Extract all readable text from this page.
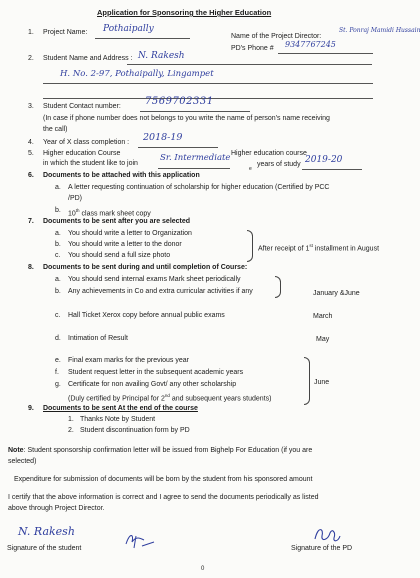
Application for Sponsoring the Higher Education
1. Project Name: Pothaipally
Name of the Project Director:
St. Ponraj Mamidi Hussain
PD's Phone # 9347767245
2. Student Name and Address : N. Rakesh
H. No. 2-97, Pothaipally, Lingampet
3. Student Contact number: 7569702331
(In case if phone number does not belongs to you write the name of person's name receiving
the call)
4. Year of X class completion : 2018-19
5. Higher education Course
in which the student like to join
Sr. Intermediate Higher education course
years of study 2019-20
6. Documents to be attached with this application
e
a. A letter requesting continuation of scholarship for higher education (Certified by PCC
/PD)
b. 10th class mark sheet copy
7. Documents to be sent after you are selected
a. You should write a letter to Organization
b. You should write a letter to the donor
c. You should send a full size photo
After receipt of 1st installment in August
8. Documents to be sent during and until completion of Course:
a. You should send internal exams Mark sheet periodically
b. Any achievements in Co and extra curricular activities if any	January &June
c. Hall Ticket Xerox copy before annual public exams	March
d. Intimation of Result	May
e. Final exam marks for the previous year
f. Student request letter in the subsequent academic years
g. Certificate for non availing Govt/ any other scholarship
(Duly certified by Principal for 2nd and subsequent years students)
June
9. Documents to be sent At the end of the course
1. Thanks Note by Student
2. Student discontinuation form by PD
Note: Student sponsorship confirmation letter will be issued from Bighelp For Education (if you are
selected)
Expenditure for submission of documents will be born by the student from his sponsored amount
I certify that the above information is correct and I agree to send the documents periodically as listed
above through Project Director.
N. Rakesh
Signature of the student	Signature of the PD
0
